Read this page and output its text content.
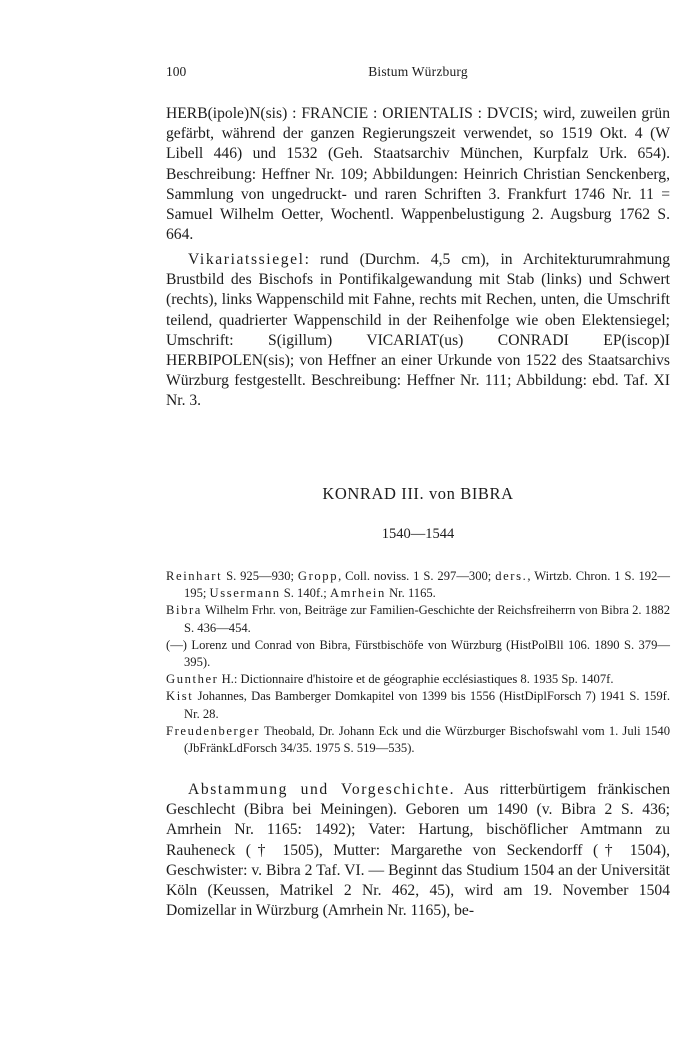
100	Bistum Würzburg

HERB(ipole)N(sis) : FRANCIE : ORIENTALIS : DVCIS; wird, zuweilen grün gefärbt, während der ganzen Regierungszeit verwendet, so 1519 Okt. 4 (W Libell 446) und 1532 (Geh. Staatsarchiv München, Kurpfalz Urk. 654). Beschreibung: Heffner Nr. 109; Abbildungen: Heinrich Christian Senckenberg, Sammlung von ungedruckt- und raren Schriften 3. Frankfurt 1746 Nr. 11 = Samuel Wilhelm Oetter, Wochentl. Wappenbelustigung 2. Augsburg 1762 S. 664.

Vikariatssiegel: rund (Durchm. 4,5 cm), in Architekturumrahmung Brustbild des Bischofs in Pontifikalgewandung mit Stab (links) und Schwert (rechts), links Wappenschild mit Fahne, rechts mit Rechen, unten, die Umschrift teilend, quadrierter Wappenschild in der Reihenfolge wie oben Elektensiegel; Umschrift: S(igillum) VICARIAT(us) CONRADI EP(iscop)I HERBIPOLEN(sis); von Heffner an einer Urkunde von 1522 des Staatsarchivs Würzburg festgestellt. Beschreibung: Heffner Nr. 111; Abbildung: ebd. Taf. XI Nr. 3.

KONRAD III. von BIBRA
1540—1544
Reinhart S. 925—930; Gropp, Coll. noviss. 1 S. 297—300; ders., Wirtzb. Chron. 1 S. 192—195; Ussermann S. 140f.; Amrhein Nr. 1165.
Bibra Wilhelm Frhr. von, Beiträge zur Familien-Geschichte der Reichsfreiherrn von Bibra 2. 1882 S. 436—454.
(—) Lorenz und Conrad von Bibra, Fürstbischöfe von Würzburg (HistPolBll 106. 1890 S. 379—395).
Gunther H.: Dictionnaire d'histoire et de géographie ecclésiastiques 8. 1935 Sp. 1407f.
Kist Johannes, Das Bamberger Domkapitel von 1399 bis 1556 (HistDiplForsch 7) 1941 S. 159f. Nr. 28.
Freudenberger Theobald, Dr. Johann Eck und die Würzburger Bischofswahl vom 1. Juli 1540 (JbFränkLdForsch 34/35. 1975 S. 519—535).

Abstammung und Vorgeschichte. Aus ritterbürtigem fränkischen Geschlecht (Bibra bei Meiningen). Geboren um 1490 (v. Bibra 2 S. 436; Amrhein Nr. 1165: 1492); Vater: Hartung, bischöflicher Amtmann zu Rauheneck († 1505), Mutter: Margarethe von Seckendorff († 1504), Geschwister: v. Bibra 2 Taf. VI. — Beginnt das Studium 1504 an der Universität Köln (Keussen, Matrikel 2 Nr. 462, 45), wird am 19. November 1504 Domizellar in Würzburg (Amrhein Nr. 1165), be-
